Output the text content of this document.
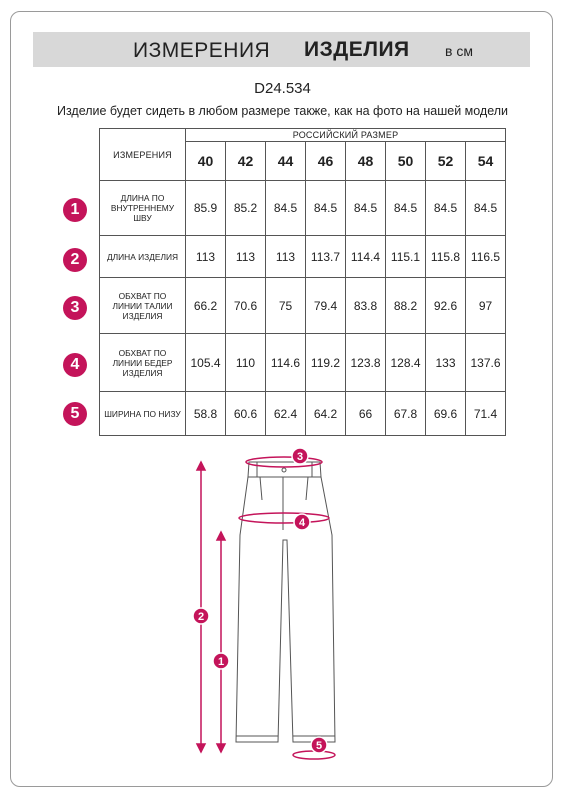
ИЗМЕРЕНИЯ ИЗДЕЛИЯ	в см
D24.534
Изделие будет сидеть в любом размере также, как на фото на нашей модели
ИЗМЕРЕНИЯ	РОССИЙСКИЙ РАЗМЕР							
	40	42	44	46	48	50	52	54
ДЛИНА ПО ВНУТРЕННЕМУ ШВУ	85.9	85.2	84.5	84.5	84.5	84.5	84.5	84.5
ДЛИНА ИЗДЕЛИЯ	113	113	113	113.7	114.4	115.1	115.8	116.5
ОБХВАТ ПО ЛИНИИ ТАЛИИ ИЗДЕЛИЯ	66.2	70.6	75	79.4	83.8	88.2	92.6	97
ОБХВАТ ПО ЛИНИИ БЕДЕР ИЗДЕЛИЯ	105.4	110	114.6	119.2	123.8	128.4	133	137.6
ШИРИНА ПО НИЗУ	58.8	60.6	62.4	64.2	66	67.8	69.6	71.4
1
2
3
4
5
3
4
2
1
5
